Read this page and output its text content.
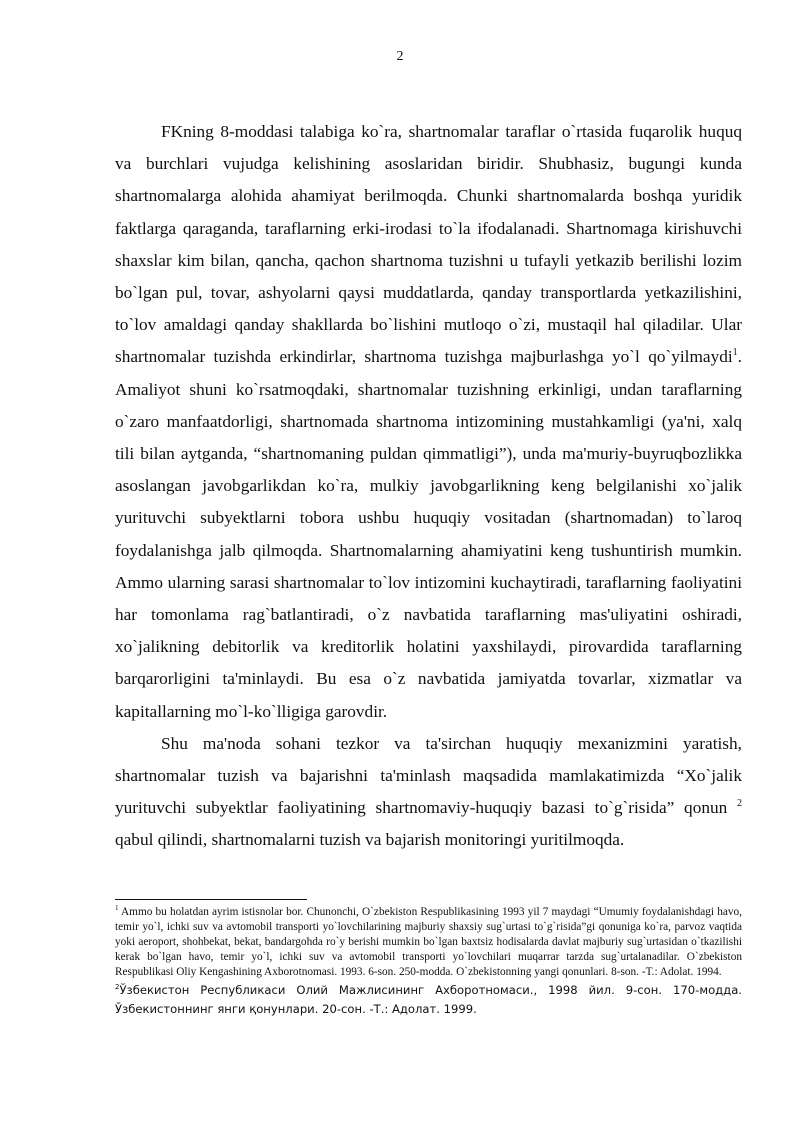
2

FKning 8-moddasi talabiga ko`ra, shartnomalar taraflar o`rtasida fuqarolik huquq va burchlari vujudga kelishining asoslaridan biridir. Shubhasiz, bugungi kunda shartnomalarga alohida ahamiyat berilmoqda. Chunki shartnomalarda boshqa yuridik faktlarga qaraganda, taraflarning erki-irodasi to`la ifodalanadi. Shartnomaga kirishuvchi shaxslar kim bilan, qancha, qachon shartnoma tuzishni u tufayli yetkazib berilishi lozim bo`lgan pul, tovar, ashyolarni qaysi muddatlarda, qanday transportlarda yetkazilishini, to`lov amaldagi qanday shakllarda bo`lishini mutloqo o`zi, mustaqil hal qiladilar. Ular shartnomalar tuzishda erkindirlar, shartnoma tuzishga majburlashga yo`l qo`yilmaydi$^1$. Amaliyot shuni ko`rsatmoqdaki, shartnomalar tuzishning erkinligi, undan taraflarning o`zaro manfaatdorligi, shartnomada shartnoma intizomining mustahkamligi (ya'ni, xalq tili bilan aytganda, “shartnomaning puldan qimmatligi”), unda ma'muriy-buyruqbozlikka asoslangan javobgarlikdan ko`ra, mulkiy javobgarlikning keng belgilanishi xo`jalik yurituvchi subyektlarni tobora ushbu huquqiy vositadan (shartnomadan) to`laroq foydalanishga jalb qilmoqda. Shartnomalarning ahamiyatini keng tushuntirish mumkin. Ammo ularning sarasi shartnomalar to`lov intizomini kuchaytiradi, taraflarning faoliyatini har tomonlama rag`batlantiradi, o`z navbatida taraflarning mas'uliyatini oshiradi, xo`jalikning debitorlik va kreditorlik holatini yaxshilaydi, pirovardida taraflarning barqarorligini ta'minlaydi. Bu esa o`z navbatida jamiyatda tovarlar, xizmatlar va kapitallarning mo`l-ko`lligiga garovdir.

Shu ma'noda sohani tezkor va ta'sirchan huquqiy mexanizmini yaratish, shartnomalar tuzish va bajarishni ta'minlash maqsadida mamlakatimizda “Xo`jalik yurituvchi subyektlar faoliyatining shartnomaviy-huquqiy bazasi to`g`risida” qonun $^2$ qabul qilindi, shartnomalarni tuzish va bajarish monitoringi yuritilmoqda.

$^1$ Ammo bu holatdan ayrim istisnolar bor. Chunonchi, O`zbekiston Respublikasining 1993 yil 7 maydagi “Umumiy foydalanishdagi havo, temir yo`l, ichki suv va avtomobil transporti yo`lovchilarining majburiy shaxsiy sug`urtasi to`g`risida”gi qonuniga ko`ra, parvoz vaqtida yoki aeroport, shohbekat, bekat, bandargohda ro`y berishi mumkin bo`lgan baxtsiz hodisalarda davlat majburiy sug`urtasidan o`tkazilishi kerak bo`lgan havo, temir yo`l, ichki suv va avtomobil transporti yo`lovchilari muqarrar tarzda sug`urtalanadilar. O`zbekiston Respublikasi Oliy Kengashining Axborotnomasi. 1993. 6-son. 250-modda. O`zbekistonning yangi qonunlari. 8-son. -T.: Adolat. 1994.

$^2$Ўзбекистон Республикаси Олий Мажлисининг Ахборотномаси., 1998 йил. 9-сон. 170-модда. Ўзбекистоннинг янги қонунлари. 20-сон. -Т.: Адолат. 1999.
